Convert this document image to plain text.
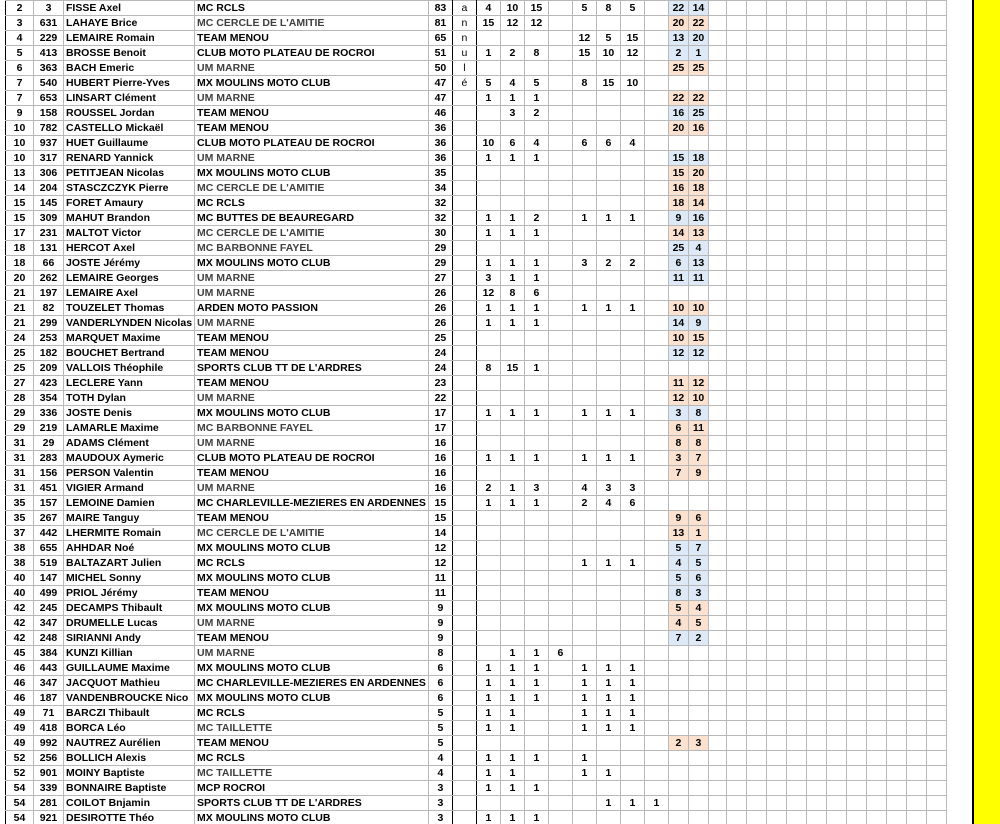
2	3	FISSE Axel	MC RCLS	83	a	4	10	15		5	8	5		22	14												
3	631	LAHAYE Brice	MC CERCLE DE L'AMITIE	81	n	15	12	12						20	22												
4	229	LEMAIRE Romain	TEAM MENOU	65	n					12	5	15		13	20												
5	413	BROSSE Benoit	CLUB MOTO PLATEAU DE ROCROI	51	u	1	2	8		15	10	12		2	1												
6	363	BACH Emeric	UM MARNE	50	l									25	25												
7	540	HUBERT Pierre-Yves	MX MOULINS MOTO CLUB	47	é	5	4	5		8	15	10															
7	653	LINSART Clément	UM MARNE	47		1	1	1						22	22												
9	158	ROUSSEL Jordan	TEAM MENOU	46			3	2						16	25												
10	782	CASTELLO Mickaël	TEAM MENOU	36										20	16												
10	937	HUET Guillaume	CLUB MOTO PLATEAU DE ROCROI	36		10	6	4		6	6	4															
10	317	RENARD Yannick	UM MARNE	36		1	1	1						15	18												
13	306	PETITJEAN Nicolas	MX MOULINS MOTO CLUB	35										15	20												
14	204	STASCZCZYK Pierre	MC CERCLE DE L'AMITIE	34										16	18												
15	145	FORET Amaury	MC RCLS	32										18	14												
15	309	MAHUT Brandon	MC BUTTES DE BEAUREGARD	32		1	1	2		1	1	1		9	16												
17	231	MALTOT Victor	MC CERCLE DE L'AMITIE	30		1	1	1						14	13												
18	131	HERCOT Axel	MC BARBONNE FAYEL	29										25	4												
18	66	JOSTE Jérémy	MX MOULINS MOTO CLUB	29		1	1	1		3	2	2		6	13												
20	262	LEMAIRE Georges	UM MARNE	27		3	1	1						11	11												
21	197	LEMAIRE Axel	UM MARNE	26		12	8	6																			
21	82	TOUZELET Thomas	ARDEN MOTO PASSION	26		1	1	1		1	1	1		10	10												
21	299	VANDERLYNDEN Nicolas	UM MARNE	26		1	1	1						14	9												
24	253	MARQUET Maxime	TEAM MENOU	25										10	15												
25	182	BOUCHET Bertrand	TEAM MENOU	24										12	12												
25	209	VALLOIS Théophile	SPORTS CLUB TT DE L'ARDRES	24		8	15	1																			
27	423	LECLERE Yann	TEAM MENOU	23										11	12												
28	354	TOTH Dylan	UM MARNE	22										12	10												
29	336	JOSTE Denis	MX MOULINS MOTO CLUB	17		1	1	1		1	1	1		3	8												
29	219	LAMARLE Maxime	MC BARBONNE FAYEL	17										6	11												
31	29	ADAMS Clément	UM MARNE	16										8	8												
31	283	MAUDOUX Aymeric	CLUB MOTO PLATEAU DE ROCROI	16		1	1	1		1	1	1		3	7												
31	156	PERSON Valentin	TEAM MENOU	16										7	9												
31	451	VIGIER Armand	UM MARNE	16		2	1	3		4	3	3															
35	157	LEMOINE Damien	MC CHARLEVILLE-MEZIERES EN ARDENNES	15		1	1	1		2	4	6															
35	267	MAIRE Tanguy	TEAM MENOU	15										9	6												
37	442	LHERMITE Romain	MC CERCLE DE L'AMITIE	14										13	1												
38	655	AHHDAR Noé	MX MOULINS MOTO CLUB	12										5	7												
38	519	BALTAZART Julien	MC RCLS	12						1	1	1		4	5												
40	147	MICHEL Sonny	MX MOULINS MOTO CLUB	11										5	6												
40	499	PRIOL Jérémy	TEAM MENOU	11										8	3												
42	245	DECAMPS Thibault	MX MOULINS MOTO CLUB	9										5	4												
42	347	DRUMELLE Lucas	UM MARNE	9										4	5												
42	248	SIRIANNI Andy	TEAM MENOU	9										7	2												
45	384	KUNZI Killian	UM MARNE	8			1	1	6																		
46	443	GUILLAUME Maxime	MX MOULINS MOTO CLUB	6		1	1	1		1	1	1															
46	347	JACQUOT Mathieu	MC CHARLEVILLE-MEZIERES EN ARDENNES	6		1	1	1		1	1	1															
46	187	VANDENBROUCKE Nico	MX MOULINS MOTO CLUB	6		1	1	1		1	1	1															
49	71	BARCZI Thibault	MC RCLS	5		1	1			1	1	1															
49	418	BORCA Léo	MC TAILLETTE	5		1	1			1	1	1															
49	992	NAUTREZ Aurélien	TEAM MENOU	5										2	3												
52	256	BOLLICH Alexis	MC RCLS	4		1	1	1		1																	
52	901	MOINY Baptiste	MC TAILLETTE	4		1	1			1	1																
54	339	BONNAIRE Baptiste	MCP ROCROI	3		1	1	1																			
54	281	COILOT Bnjamin	SPORTS CLUB TT DE L'ARDRES	3							1	1	1														
54	921	DESIROTTE Théo	MX MOULINS MOTO CLUB	3		1	1	1																			
